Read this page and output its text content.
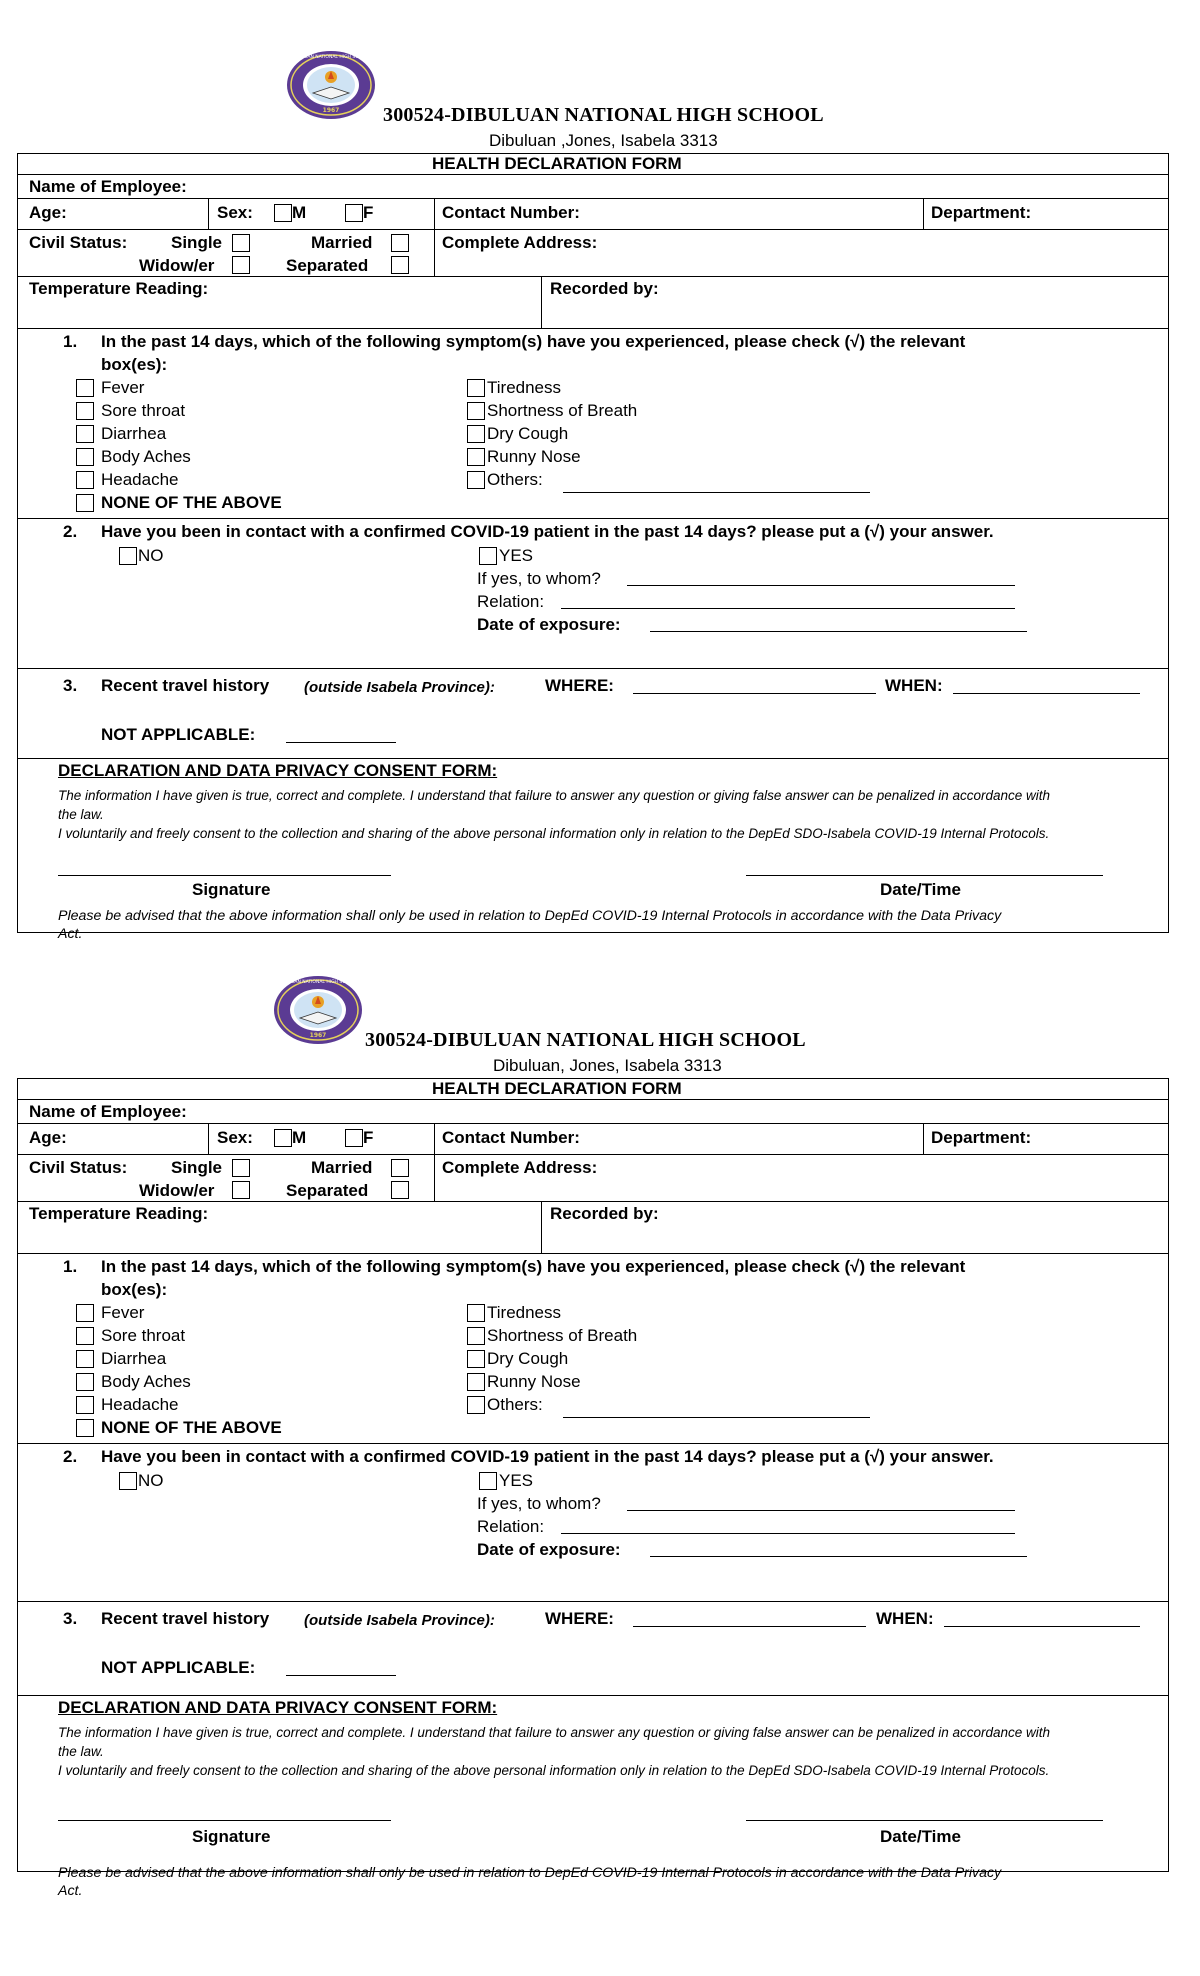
1967
DIBULUAN NATIONAL HIGH SCHOOL
300524-DIBULUAN NATIONAL HIGH SCHOOL
Dibuluan ,Jones, Isabela 3313
HEALTH DECLARATION FORM
Name of Employee:
Age:	Sex: M	F	Contact Number:	Department:
Civil Status:	Single	Married
Widow/er	Separated
Complete Address:
Temperature Reading:	Recorded by:
1. In the past 14 days, which of the following symptom(s) have you experienced, please check (√) the relevant
box(es):
2. Have you been in contact with a confirmed COVID-19 patient in the past 14 days? please put a (√) your answer.
NO	YES
If yes, to whom?
Relation:
Date of exposure:
3. Recent travel history (outside Isabela Province):	WHERE:	WHEN:
NOT APPLICABLE:
DECLARATION AND DATA PRIVACY CONSENT FORM:
The information I have given is true, correct and complete. I understand that failure to answer any question or giving false answer can be penalized in accordance with
the law.
I voluntarily and freely consent to the collection and sharing of the above personal information only in relation to the DepEd SDO-Isabela COVID-19 Internal Protocols.
Signature	Date/Time
Please be advised that the above information shall only be used in relation to DepEd COVID-19 Internal Protocols in accordance with the Data Privacy
Act.
Fever
Sore throat
Diarrhea
Body Aches
Headache
NONE OF THE ABOVE
Tiredness
Shortness of Breath
Dry Cough
Runny Nose
Others:
1967
DIBULUAN NATIONAL HIGH SCHOOL
300524-DIBULUAN NATIONAL HIGH SCHOOL
Dibuluan, Jones, Isabela 3313
HEALTH DECLARATION FORM
Name of Employee:
Age:	Sex: M	F	Contact Number:	Department:
Civil Status:	Single	Married
Widow/er	Separated
Complete Address:
Temperature Reading:	Recorded by:
1. In the past 14 days, which of the following symptom(s) have you experienced, please check (√) the relevant
box(es):
2. Have you been in contact with a confirmed COVID-19 patient in the past 14 days? please put a (√) your answer.
NO	YES
If yes, to whom?
Relation:
Date of exposure:
3. Recent travel history (outside Isabela Province):	WHERE:	WHEN:
NOT APPLICABLE:
DECLARATION AND DATA PRIVACY CONSENT FORM:
The information I have given is true, correct and complete. I understand that failure to answer any question or giving false answer can be penalized in accordance with
the law.
I voluntarily and freely consent to the collection and sharing of the above personal information only in relation to the DepEd SDO-Isabela COVID-19 Internal Protocols.
Signature	Date/Time
Please be advised that the above information shall only be used in relation to DepEd COVID-19 Internal Protocols in accordance with the Data Privacy
Act.
Fever
Sore throat
Diarrhea
Body Aches
Headache
NONE OF THE ABOVE
Tiredness
Shortness of Breath
Dry Cough
Runny Nose
Others:
